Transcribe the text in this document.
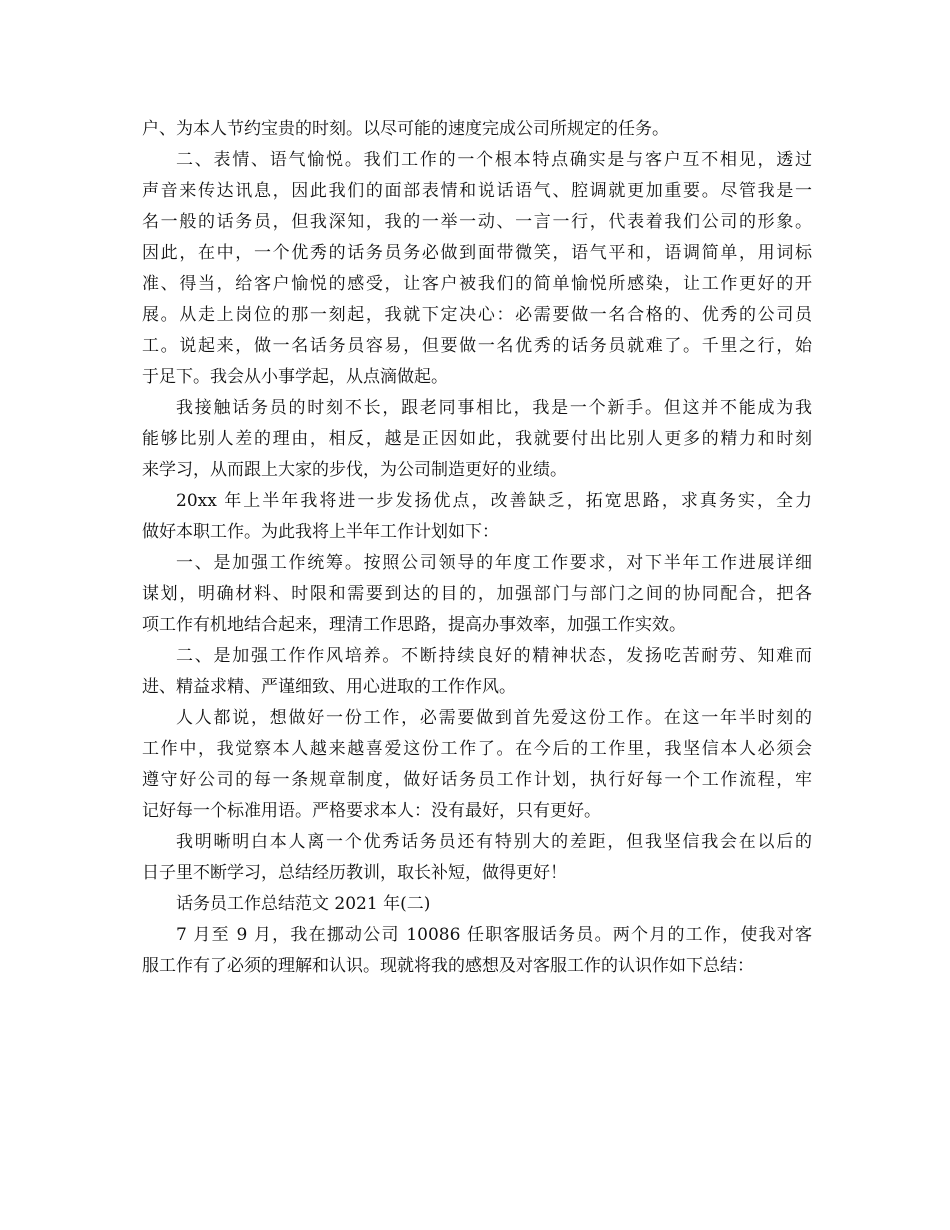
户、为本人节约宝贵的时刻。以尽可能的速度完成公司所规定的任务。
二、表情、语气愉悦。我们工作的一个根本特点确实是与客户互不相见，透过
声音来传达讯息，因此我们的面部表情和说话语气、腔调就更加重要。尽管我是一
名一般的话务员，但我深知，我的一举一动、一言一行，代表着我们公司的形象。
因此，在中，一个优秀的话务员务必做到面带微笑，语气平和，语调简单，用词标
准、得当，给客户愉悦的感受，让客户被我们的简单愉悦所感染，让工作更好的开
展。从走上岗位的那一刻起，我就下定决心：必需要做一名合格的、优秀的公司员
工。说起来，做一名话务员容易，但要做一名优秀的话务员就难了。千里之行，始
于足下。我会从小事学起，从点滴做起。
我接触话务员的时刻不长，跟老同事相比，我是一个新手。但这并不能成为我
能够比别人差的理由，相反，越是正因如此，我就要付出比别人更多的精力和时刻
来学习，从而跟上大家的步伐，为公司制造更好的业绩。
20xx 年上半年我将进一步发扬优点，改善缺乏，拓宽思路，求真务实，全力
做好本职工作。为此我将上半年工作计划如下：
一、是加强工作统筹。按照公司领导的年度工作要求，对下半年工作进展详细
谋划，明确材料、时限和需要到达的目的，加强部门与部门之间的协同配合，把各
项工作有机地结合起来，理清工作思路，提高办事效率，加强工作实效。
二、是加强工作作风培养。不断持续良好的精神状态，发扬吃苦耐劳、知难而
进、精益求精、严谨细致、用心进取的工作作风。
人人都说，想做好一份工作，必需要做到首先爱这份工作。在这一年半时刻的
工作中，我觉察本人越来越喜爱这份工作了。在今后的工作里，我坚信本人必须会
遵守好公司的每一条规章制度，做好话务员工作计划，执行好每一个工作流程，牢
记好每一个标准用语。严格要求本人：没有最好，只有更好。
我明晰明白本人离一个优秀话务员还有特别大的差距，但我坚信我会在以后的
日子里不断学习，总结经历教训，取长补短，做得更好！
话务员工作总结范文 2021 年(二)
7 月至 9 月，我在挪动公司 10086 任职客服话务员。两个月的工作，使我对客
服工作有了必须的理解和认识。现就将我的感想及对客服工作的认识作如下总结：
